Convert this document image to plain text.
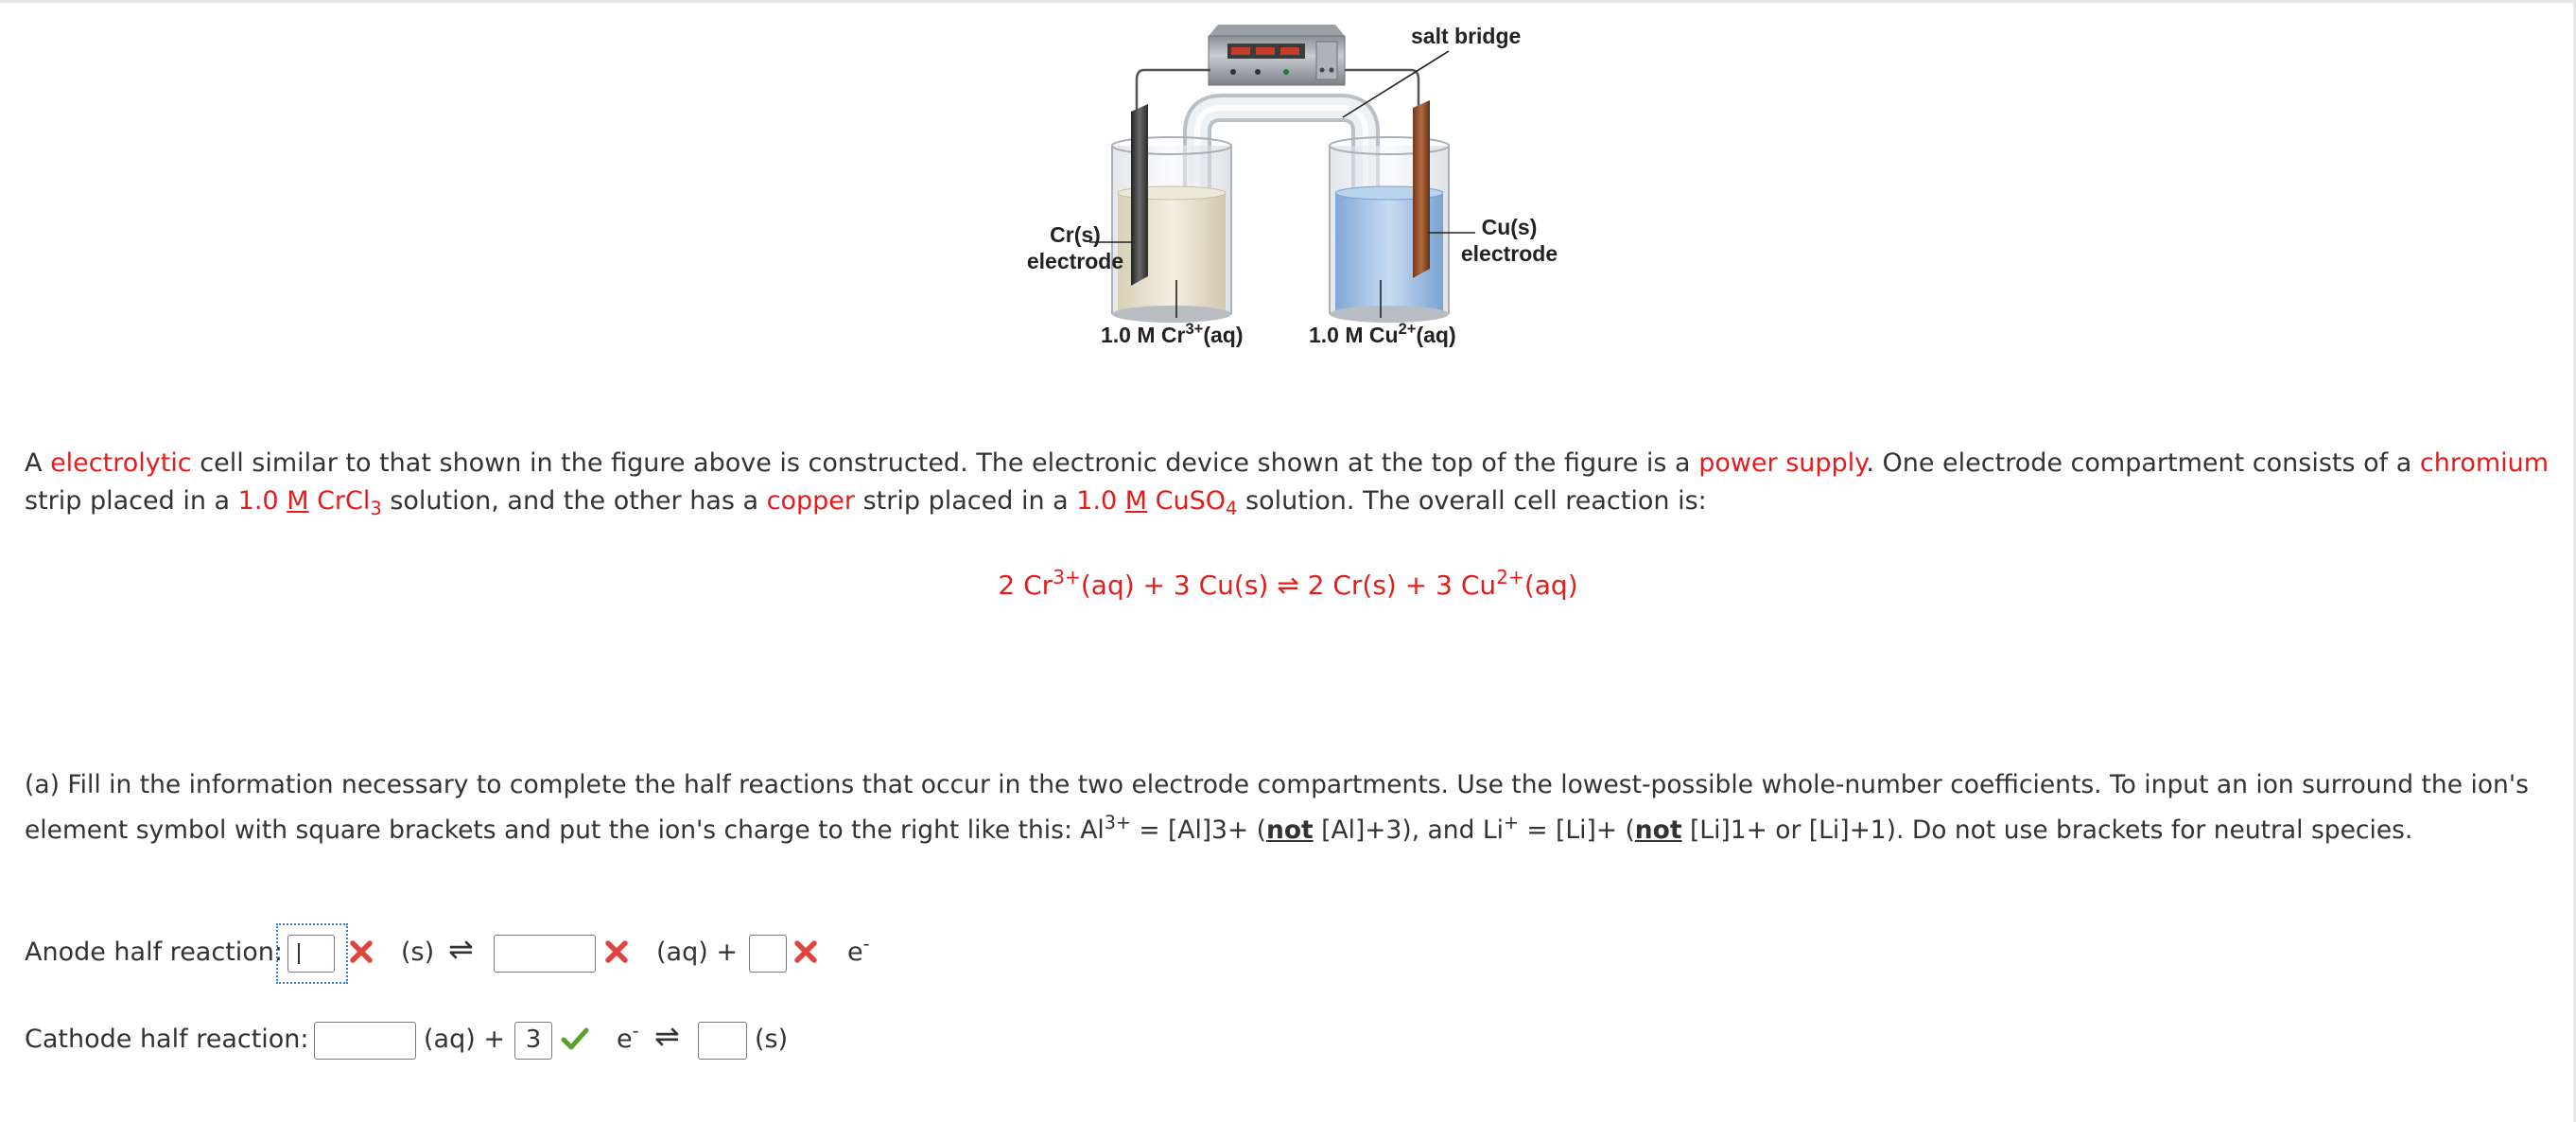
salt bridge
Cr(s)
electrode
Cu(s)
electrode
1.0 M $Cr^{3+}(aq)$	1.0 M $Cu^{2+}(aq)$
A electrolytic cell similar to that shown in the figure above is constructed. The electronic device shown at the top of the figure is a power supply. One electrode compartment consists of a chromium
strip placed in a 1.0 M CrCl$_3$ solution, and the other has a copper strip placed in a 1.0 M CuSO$_4$ solution. The overall cell reaction is:
2 $Cr^{3+}(aq) + 3$ Cu(s) ⇌ 2 Cr(s) + 3 $Cu^{2+}(aq)$
(a) Fill in the information necessary to complete the half reactions that occur in the two electrode compartments. Use the lowest-possible whole-number coefficients. To input an ion surround the ion's
element symbol with square brackets and put the ion's charge to the right like this: $Al^{3+} = [Al]3+ (not$ [Al]+3), and Li+ = [Li]+ (not [Li]1+ or [Li]+1). Do not use brackets for neutral species.
Anode half reaction:	(s) ⇌	(aq) +	e-
Cathode half reaction:	(aq) + 3	e- ⇌	(s)
